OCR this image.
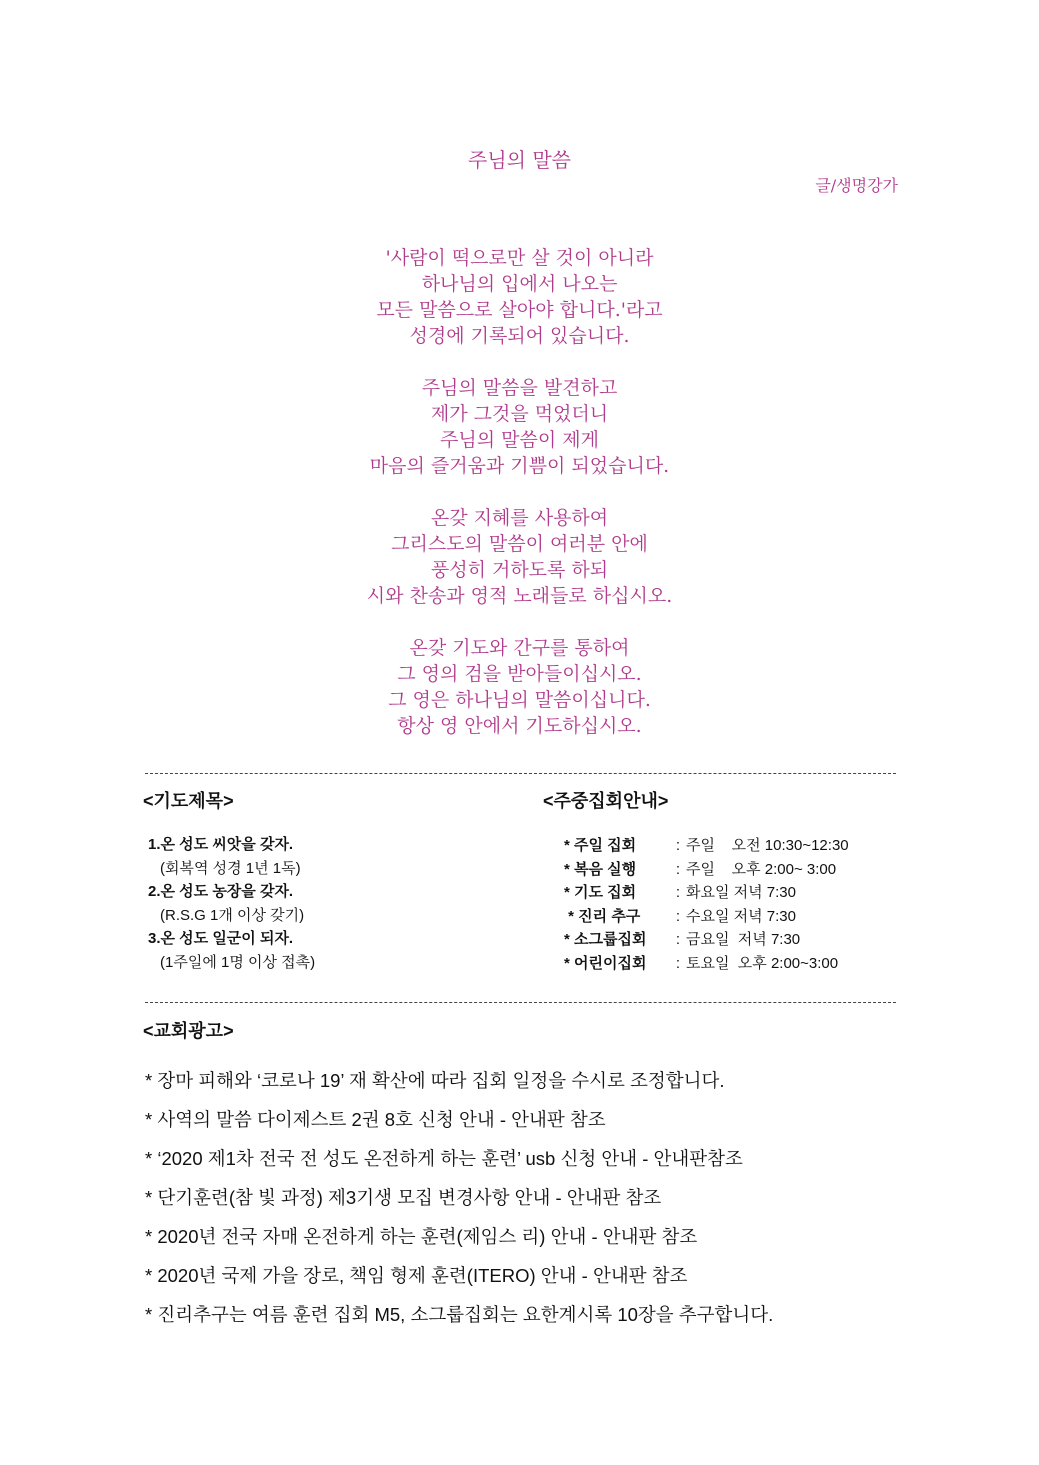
주님의 말씀
글/생명강가
'사람이 떡으로만 살 것이 아니라
하나님의 입에서 나오는
모든 말씀으로 살아야 합니다.'라고
성경에 기록되어 있습니다.
주님의 말씀을 발견하고
제가 그것을 먹었더니
주님의 말씀이 제게
마음의 즐거움과 기쁨이 되었습니다.
온갖 지혜를 사용하여
그리스도의 말씀이 여러분 안에
풍성히 거하도록 하되
시와 찬송과 영적 노래들로 하십시오.
온갖 기도와 간구를 통하여
그 영의 검을 받아들이십시오.
그 영은 하나님의 말씀이십니다.
항상 영 안에서 기도하십시오.
<기도제목>	<주중집회안내>
1.온 성도 씨앗을 갖자.
(회복역 성경 1년 1독)
2.온 성도 농장을 갖자.
(R.S.G 1개 이상 갖기)
3.온 성도 일군이 되자.
(1주일에 1명 이상 접촉)
* 주일 집회	: 주일    오전 10:30~12:30
* 복음 실행	: 주일    오후 2:00~ 3:00
* 기도 집회	: 화요일 저녁 7:30
* 진리 추구	: 수요일 저녁 7:30
* 소그룹집회	: 금요일  저녁 7:30
* 어린이집회	: 토요일  오후 2:00~3:00
<교회광고>
* 장마 피해와 ‘코로나 19’ 재 확산에 따라 집회 일정을 수시로 조정합니다.
* 사역의 말씀 다이제스트 2권 8호 신청 안내 - 안내판 참조
* ‘2020 제1차 전국 전 성도 온전하게 하는 훈련’ usb 신청 안내 - 안내판참조
* 단기훈련(참 빛 과정) 제3기생 모집 변경사항 안내 - 안내판 참조
* 2020년 전국 자매 온전하게 하는 훈련(제임스 리) 안내 - 안내판 참조
* 2020년 국제 가을 장로, 책임 형제 훈련(ITERO) 안내 - 안내판 참조
* 진리추구는 여름 훈련 집회 M5, 소그룹집회는 요한계시록 10장을 추구합니다.
